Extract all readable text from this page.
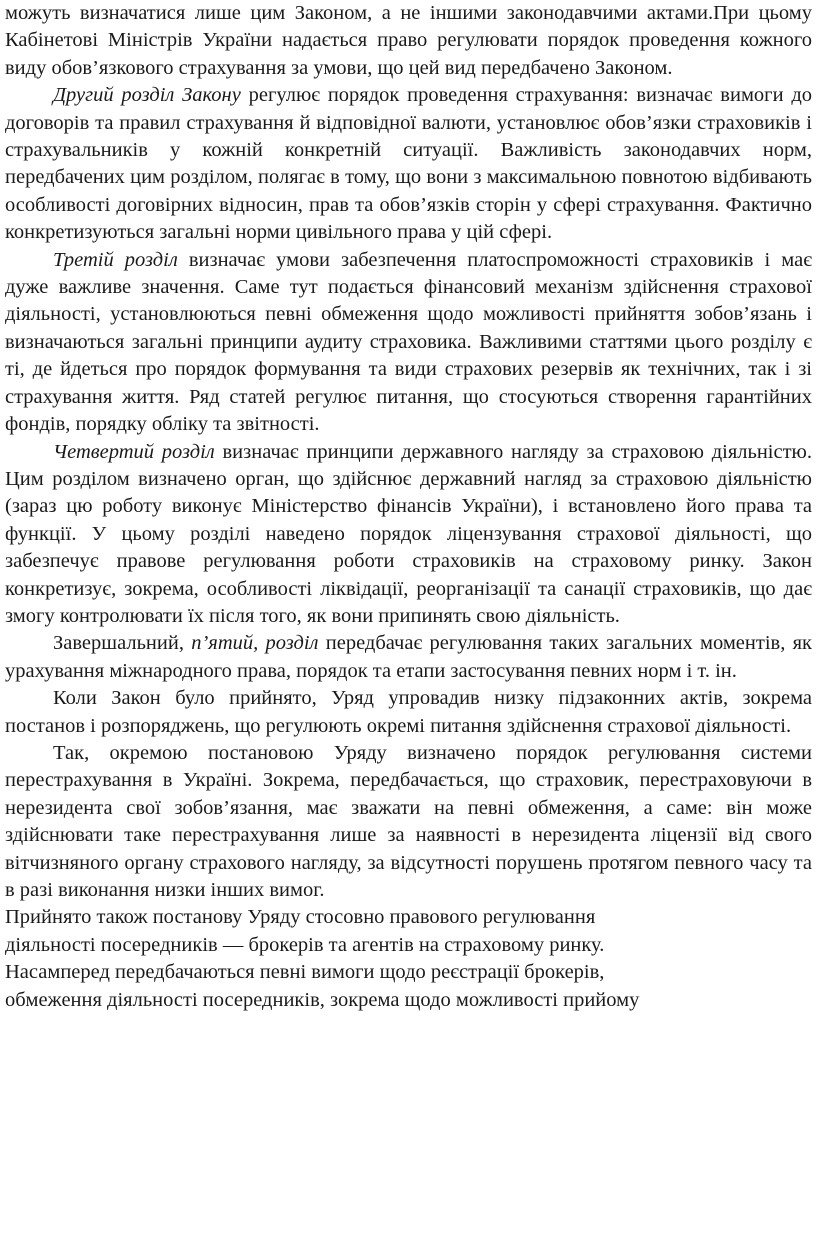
можуть визначатися лише цим Законом, а не іншими законодавчими актами.При цьому Кабінетові Міністрів України надається право регулювати порядок проведення кожного виду обов’язкового страхування за умови, що цей вид передбачено Законом.

Другий розділ Закону регулює порядок проведення страхування: визначає вимоги до договорів та правил страхування й відповідної валюти, установлює обов’язки страховиків і страхувальників у кожній конкретній ситуації. Важливість законодавчих норм, передбачених цим розділом, полягає в тому, що вони з максимальною повнотою відбивають особливості договірних відносин, прав та обов’язків сторін у сфері страхування. Фактично конкретизуються загальні норми цивільного права у цій сфері.

Третій розділ визначає умови забезпечення платоспроможності страховиків і має дуже важливе значення. Саме тут подається фінансовий механізм здійснення страхової діяльності, установлюються певні обмеження щодо можливості прийняття зобов’язань і визначаються загальні принципи аудиту страховика. Важливими статтями цього розділу є ті, де йдеться про порядок формування та види страхових резервів як технічних, так і зі страхування життя. Ряд статей регулює питання, що стосуються створення гарантійних фондів, порядку обліку та звітності.

Четвертий розділ визначає принципи державного нагляду за страховою діяльністю. Цим розділом визначено орган, що здійснює державний нагляд за страховою діяльністю (зараз цю роботу виконує Міністерство фінансів України), і встановлено його права та функції. У цьому розділі наведено порядок ліцензування страхової діяльності, що забезпечує правове регулювання роботи страховиків на страховому ринку. Закон конкретизує, зокрема, особливості ліквідації, реорганізації та санації страховиків, що дає змогу контролювати їх після того, як вони припинять свою діяльність.

Завершальний, п’ятий, розділ передбачає регулювання таких загальних моментів, як урахування міжнародного права, порядок та етапи застосування певних норм і т. ін.

Коли Закон було прийнято, Уряд упровадив низку підзаконних актів, зокрема постанов і розпоряджень, що регулюють окремі питання здійснення страхової діяльності.

Так, окремою постановою Уряду визначено порядок регулювання системи перестрахування в Україні. Зокрема, передбачається, що страховик, перестраховуючи в нерезидента свої зобов’язання, має зважати на певні обмеження, а саме: він може здійснювати таке перестрахування лише за наявності в нерезидента ліцензії від свого вітчизняного органу страхового нагляду, за відсутності порушень протягом певного часу та в разі виконання низки інших вимог.

Прийнято також постанову Уряду стосовно правового регулювання
діяльності посередників — брокерів та агентів на страховому ринку.
Насамперед передбачаються певні вимоги щодо реєстрації брокерів,
обмеження діяльності посередників, зокрема щодо можливості прийому
